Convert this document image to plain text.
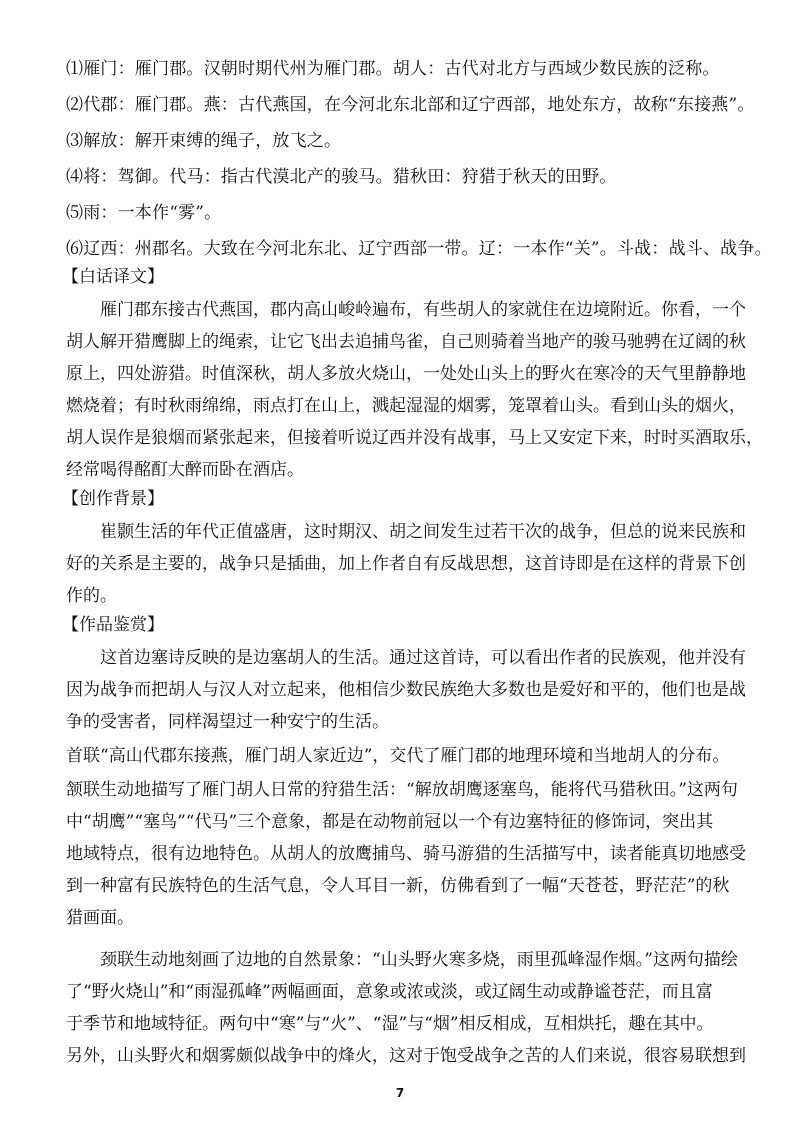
⑴雁门：雁门郡。汉朝时期代州为雁门郡。胡人：古代对北方与西域少数民族的泛称。

⑵代郡：雁门郡。燕：古代燕国，在今河北东北部和辽宁西部，地处东方，故称“东接燕”。

⑶解放：解开束缚的绳子，放飞之。

⑷将：驾御。代马：指古代漠北产的骏马。猎秋田：狩猎于秋天的田野。

⑸雨：一本作“雾”。

⑹辽西：州郡名。大致在今河北东北、辽宁西部一带。辽：一本作“关”。斗战：战斗、战争。

【白话译文】
雁门郡东接古代燕国，郡内高山峻岭遍布，有些胡人的家就住在边境附近。你看，一个
胡人解开猎鹰脚上的绳索，让它飞出去追捕鸟雀，自己则骑着当地产的骏马驰骋在辽阔的秋
原上，四处游猎。时值深秋，胡人多放火烧山，一处处山头上的野火在寒冷的天气里静静地
燃烧着；有时秋雨绵绵，雨点打在山上，溅起湿湿的烟雾，笼罩着山头。看到山头的烟火，
胡人误作是狼烟而紧张起来，但接着听说辽西并没有战事，马上又安定下来，时时买酒取乐，
经常喝得酩酊大醉而卧在酒店。
【创作背景】
崔颢生活的年代正值盛唐，这时期汉、胡之间发生过若干次的战争，但总的说来民族和
好的关系是主要的，战争只是插曲，加上作者自有反战思想，这首诗即是在这样的背景下创
作的。
【作品鉴赏】
这首边塞诗反映的是边塞胡人的生活。通过这首诗，可以看出作者的民族观，他并没有
因为战争而把胡人与汉人对立起来，他相信少数民族绝大多数也是爱好和平的，他们也是战
争的受害者，同样渴望过一种安宁的生活。
首联“高山代郡东接燕，雁门胡人家近边”，交代了雁门郡的地理环境和当地胡人的分布。
颔联生动地描写了雁门胡人日常的狩猎生活：“解放胡鹰逐塞鸟，能将代马猎秋田。”这两句
中“胡鹰”“塞鸟”“代马”三个意象，都是在动物前冠以一个有边塞特征的修饰词，突出其
地域特点，很有边地特色。从胡人的放鹰捕鸟、骑马游猎的生活描写中，读者能真切地感受
到一种富有民族特色的生活气息，令人耳目一新，仿佛看到了一幅“天苍苍，野茫茫”的秋
猎画面。
颈联生动地刻画了边地的自然景象：“山头野火寒多烧，雨里孤峰湿作烟。”这两句描绘
了“野火烧山”和“雨湿孤峰”两幅画面，意象或浓或淡，或辽阔生动或静谧苍茫，而且富
于季节和地域特征。两句中“寒”与“火”、“湿”与“烟”相反相成，互相烘托，趣在其中。
另外，山头野火和烟雾颇似战争中的烽火，这对于饱受战争之苦的人们来说，很容易联想到
7
